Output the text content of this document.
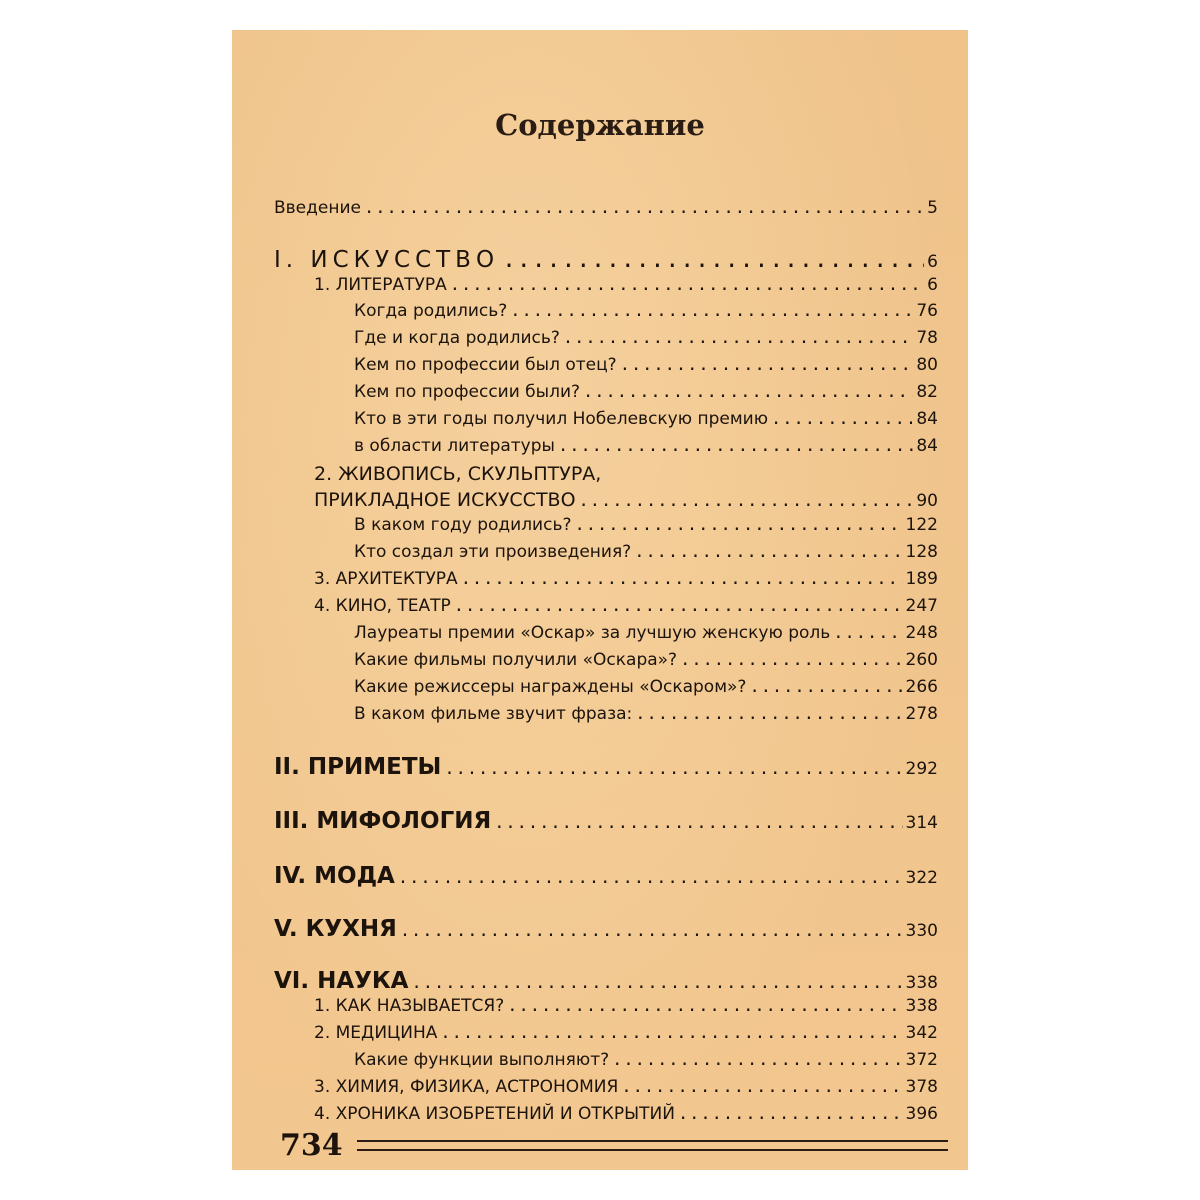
Содержание
Введение .....	5
I. ИСКУССТВО .....	6
1. ЛИТЕРАТУРА .....	6
Когда родились? .....	76
Где и когда родились? .....	78
Кем по профессии был отец? .....	80
Кем по профессии были? .....	82
Кто в эти годы получил Нобелевскую премию .....	84
в области литературы .....	84
2. ЖИВОПИСЬ, СКУЛЬПТУРА,
ПРИКЛАДНОЕ ИСКУССТВО .....	90
В каком году родились? .....	122
Кто создал эти произведения? .....	128
3. АРХИТЕКТУРА .....	189
4. КИНО, ТЕАТР .....	247
Лауреаты премии «Оскар» за лучшую женскую роль .....	248
Какие фильмы получили «Оскара»? .....	260
Какие режиссеры награждены «Оскаром»? .....	266
В каком фильме звучит фраза: .....	278
II. ПРИМЕТЫ .....	292
III. МИФОЛОГИЯ .....	314
IV. МОДА .....	322
V. КУХНЯ .....	330
VI. НАУКА .....	338
1. КАК НАЗЫВАЕТСЯ? .....	338
2. МЕДИЦИНА .....	342
Какие функции выполняют? .....	372
3. ХИМИЯ, ФИЗИКА, АСТРОНОМИЯ .....	378
4. ХРОНИКА ИЗОБРЕТЕНИЙ И ОТКРЫТИЙ .....	396
734
